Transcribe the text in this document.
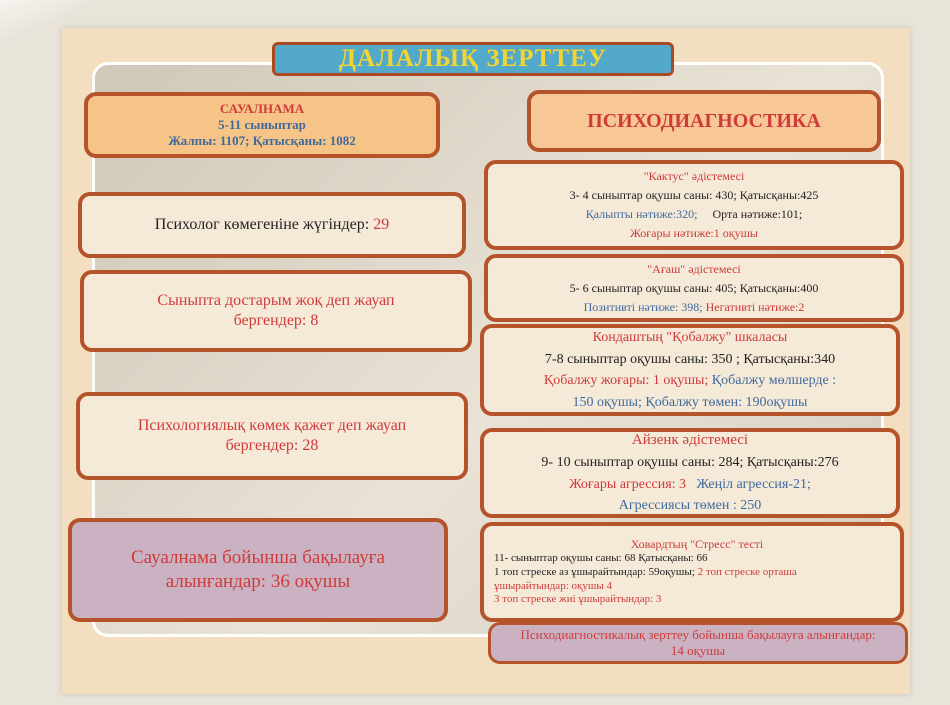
ДАЛАЛЫҚ ЗЕРТТЕУ
САУАЛНАМА
5-11 сыныптар
Жалпы: 1107; Қатысқаны: 1082
Психолог көмегеніне жүгіндер: 29
Сыныпта достарым жоқ деп жауап бергендер: 8
Психологиялық көмек қажет деп жауап бергендер: 28
Сауалнама бойынша бақылауға алынғандар: 36 оқушы
ПСИХОДИАГНОСТИКА
"Кактус" әдістемесі
3- 4 сыныптар оқушы саны: 430; Қатысқаны:425
Қалыпты нәтиже:320; Орта нәтиже:101;
Жоғары нәтиже:1 оқушы
"Ағаш" әдістемесі
5- 6 сыныптар оқушы саны: 405; Қатысқаны:400
Позитивті нәтиже: 398; Негативті нәтиже:2
Кондаштың "Қобалжу" шкаласы
7-8 сыныптар оқушы саны: 350 ; Қатысқаны:340
Қобалжу жоғары: 1 оқушы; Қобалжу мөлшерде :
150 оқушы; Қобалжу төмен: 190оқушы
Айзенк әдістемесі
9- 10 сыныптар оқушы саны: 284; Қатысқаны:276
Жоғары агрессия: 3 Жеңіл агрессия-21;
Агрессиясы төмен : 250
Ховардтың "Стресс" тесті
11- сыныптар оқушы саны: 68 Қатысқаны: 66
1 топ стреске аз ұшырайтындар: 59оқушы; 2 топ стреске орташа
ұшырайтындар: оқушы 4
3 топ стреске жиі ұшырайтындар: 3
Психодиагностикалық зерттеу бойынша бақылауға алынғандар: 14 оқушы
